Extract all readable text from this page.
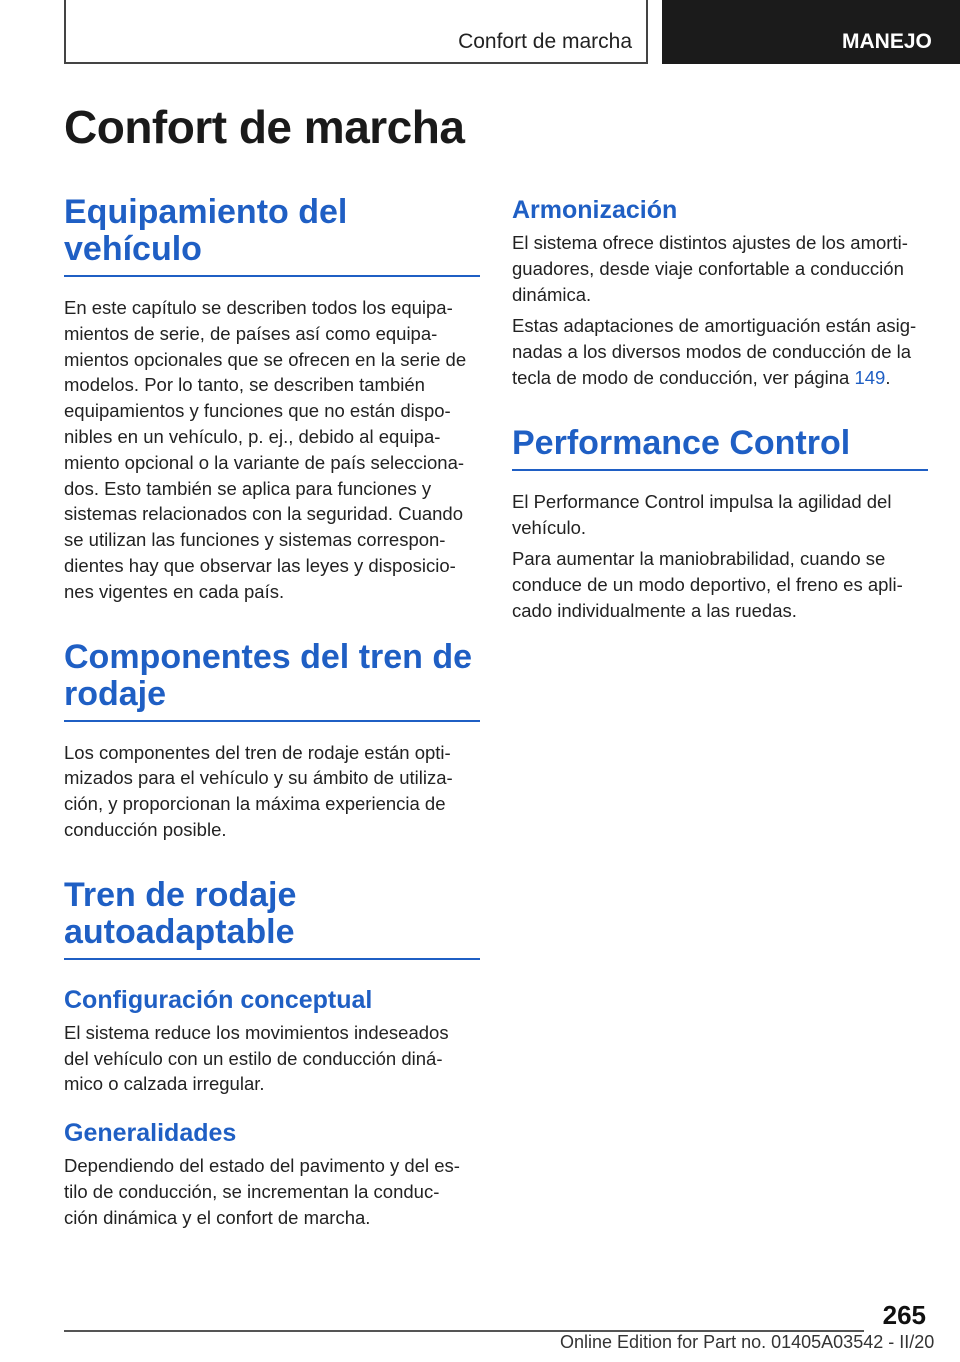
Confort de marcha	MANEJO
Confort de marcha
Equipamiento del vehículo

En este capítulo se describen todos los equipa-
mientos de serie, de países así como equipa-
mientos opcionales que se ofrecen en la serie de
modelos. Por lo tanto, se describen también
equipamientos y funciones que no están dispo-
nibles en un vehículo, p. ej., debido al equipa-
miento opcional o la variante de país selecciona-
dos. Esto también se aplica para funciones y
sistemas relacionados con la seguridad. Cuando
se utilizan las funciones y sistemas correspon-
dientes hay que observar las leyes y disposicio-
nes vigentes en cada país.

Componentes del tren de
rodaje

Los componentes del tren de rodaje están opti-
mizados para el vehículo y su ámbito de utiliza-
ción, y proporcionan la máxima experiencia de
conducción posible.

Tren de rodaje
autoadaptable
Configuración conceptual

El sistema reduce los movimientos indeseados
del vehículo con un estilo de conducción diná-
mico o calzada irregular.

Generalidades

Dependiendo del estado del pavimento y del es-
tilo de conducción, se incrementan la conduc-
ción dinámica y el confort de marcha.

Armonización

El sistema ofrece distintos ajustes de los amorti-
guadores, desde viaje confortable a conducción
dinámica.

Estas adaptaciones de amortiguación están asig-
nadas a los diversos modos de conducción de la
tecla de modo de conducción, ver página 149.

Performance Control

El Performance Control impulsa la agilidad del
vehículo.

Para aumentar la maniobrabilidad, cuando se
conduce de un modo deportivo, el freno es apli-
cado individualmente a las ruedas.

265
Online Edition for Part no. 01405A03542 - II/20
